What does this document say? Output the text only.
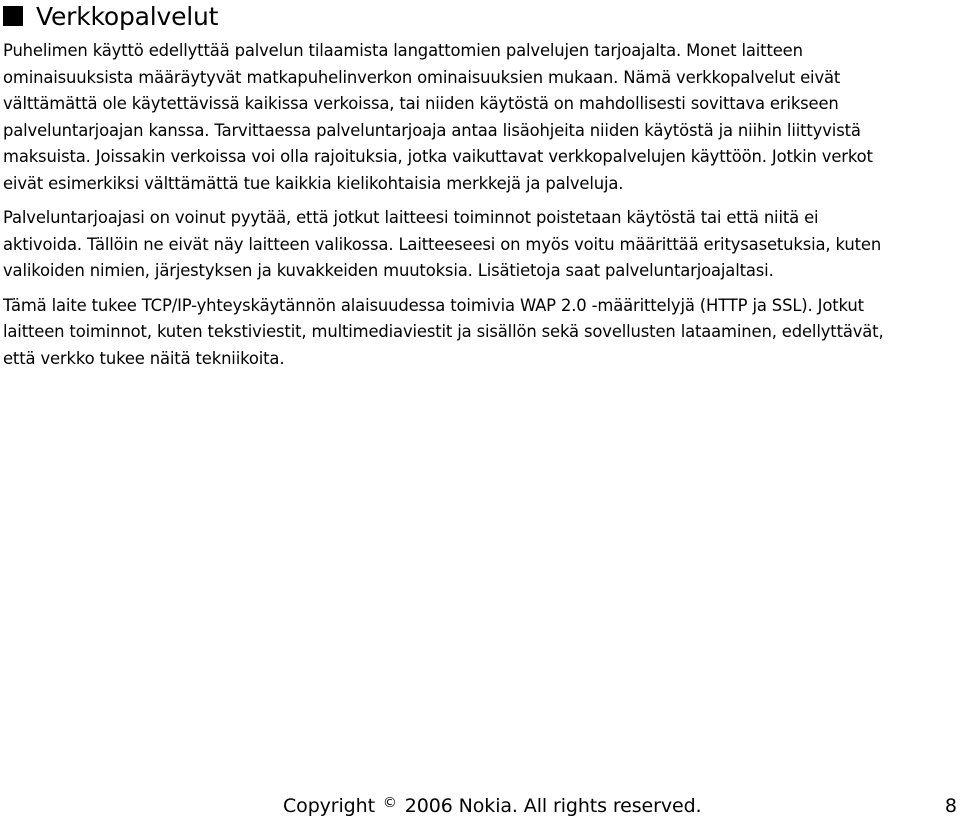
Verkkopalvelut

Puhelimen käyttö edellyttää palvelun tilaamista langattomien palvelujen tarjoajalta. Monet laitteen
ominaisuuksista määräytyvät matkapuhelinverkon ominaisuuksien mukaan. Nämä verkkopalvelut eivät
välttämättä ole käytettävissä kaikissa verkoissa, tai niiden käytöstä on mahdollisesti sovittava erikseen
palveluntarjoajan kanssa. Tarvittaessa palveluntarjoaja antaa lisäohjeita niiden käytöstä ja niihin liittyvistä
maksuista. Joissakin verkoissa voi olla rajoituksia, jotka vaikuttavat verkkopalvelujen käyttöön. Jotkin verkot
eivät esimerkiksi välttämättä tue kaikkia kielikohtaisia merkkejä ja palveluja.

Palveluntarjoajasi on voinut pyytää, että jotkut laitteesi toiminnot poistetaan käytöstä tai että niitä ei
aktivoida. Tällöin ne eivät näy laitteen valikossa. Laitteeseesi on myös voitu määrittää eritysasetuksia, kuten
valikoiden nimien, järjestyksen ja kuvakkeiden muutoksia. Lisätietoja saat palveluntarjoajaltasi.

Tämä laite tukee TCP/IP-yhteyskäytännön alaisuudessa toimivia WAP 2.0 -määrittelyjä (HTTP ja SSL). Jotkut
laitteen toiminnot, kuten tekstiviestit, multimediaviestit ja sisällön sekä sovellusten lataaminen, edellyttävät,
että verkko tukee näitä tekniikoita.

Copyright © 2006 Nokia. All rights reserved.	8
